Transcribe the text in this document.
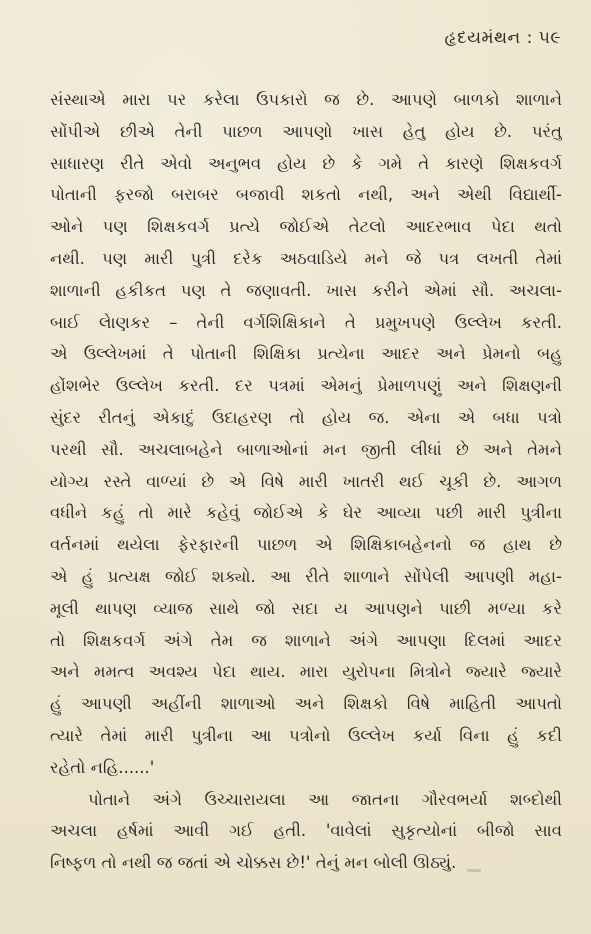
હૃદયમંથન : ૫૯
સંસ્થાએ મારા પર કરેલા ઉપકારો જ છે. આપણે બાળકો શાળાને
સોંપીએ છીએ તેની પાછળ આપણો ખાસ હેતુ હોય છે. પરંતુ
સાધારણ રીતે એવો અનુભવ હોય છે કે ગમે તે કારણે શિક્ષકવર્ગ
પોતાની ફરજો બરાબર બજાવી શકતો નથી, અને એથી વિદ્યાર્થી-
ઓને પણ શિક્ષકવર્ગ પ્રત્યે જોઈએ તેટલો આદરભાવ પેદા થતો
નથી. પણ મારી પુત્રી દરેક અઠવાડિયે મને જે પત્ર લખતી તેમાં
શાળાની હકીકત પણ તે જણાવતી. ખાસ કરીને એમાં સૌ. અચલા-
બાઈ લેાણકર – તેની વર્ગશિક્ષિકાને તે પ્રમુખપણે ઉલ્લેખ કરતી.
એ ઉલ્લેખમાં તે પોતાની શિક્ષિકા પ્રત્યેના આદર અને પ્રેમનો બહુ
હોંશભેર ઉલ્લેખ કરતી. દર પત્રમાં એમનું પ્રેમાળપણું અને શિક્ષણની
સુંદર રીતનું એકાદું ઉદાહરણ તો હોય જ. એના એ બધા પત્રો
પરથી સૌ. અચલાબહેને બાળાઓનાં મન જીતી લીધાં છે અને તેમને
યોગ્ય રસ્તે વાળ્યાં છે એ વિષે મારી ખાતરી થઈ ચૂકી છે. આગળ
વધીને કહું તો મારે કહેવું જોઈએ કે ઘેર આવ્યા પછી મારી પુત્રીના
વર્તનમાં થયેલા ફેરફારની પાછળ એ શિક્ષિકાબહેનનો જ હાથ છે
એ હું પ્રત્યક્ષ જોઈ શક્યો. આ રીતે શાળાને સોંપેલી આપણી મહા-
મૂલી થાપણ વ્યાજ સાથે જો સદા ય આપણને પાછી મળ્યા કરે
તો શિક્ષકવર્ગ અંગે તેમ જ શાળાને અંગે આપણા દિલમાં આદર
અને મમત્વ અવશ્ય પેદા થાય. મારા યુરોપના મિત્રોને જ્યારે જ્યારે
હું આપણી અહીંની શાળાઓ અને શિક્ષકો વિષે માહિતી આપતો
ત્યારે તેમાં મારી પુત્રીના આ પત્રોનો ઉલ્લેખ કર્યા વિના હું કદી
રહેતો નહિ......'
પોતાને અંગે ઉચ્ચારાયલા આ જાતના ગૌરવભર્યા શબ્દોથી
અચલા હર્ષમાં આવી ગઈ હતી. 'વાવેલાં સુકૃત્યોનાં બીજો સાવ
નિષ્ફળ તો નથી જ જતાં એ ચોક્કસ છે!' તેનું મન બોલી ઊઠ્યું.
